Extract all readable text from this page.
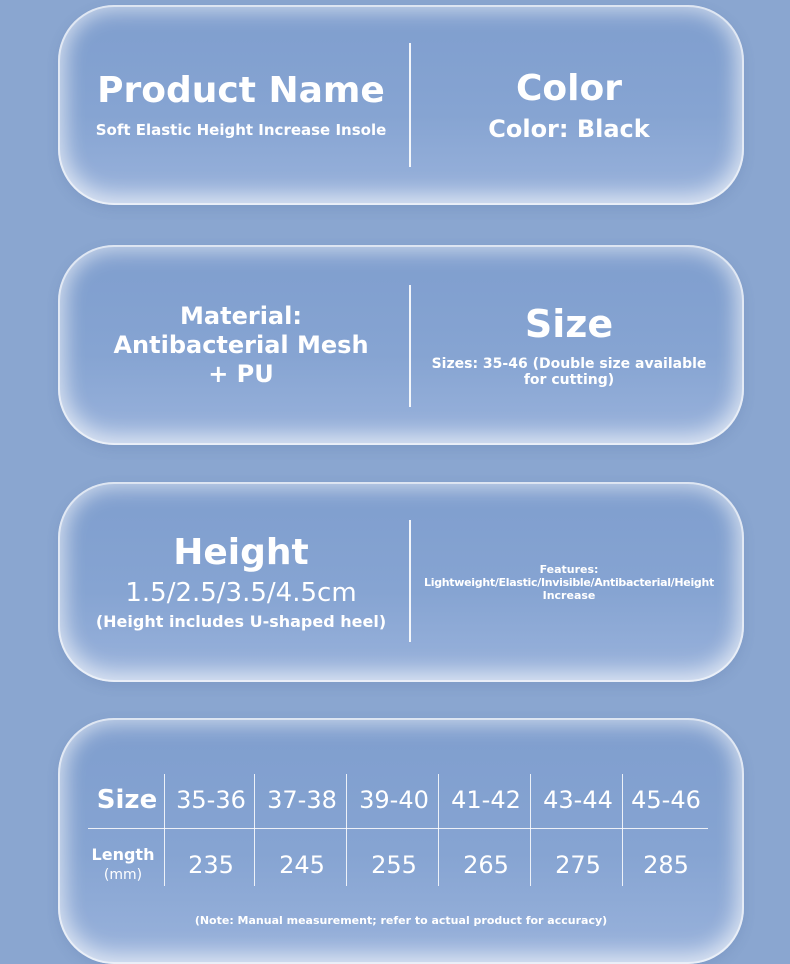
Product Name
Soft Elastic Height Increase Insole
Color
Color: Black
Material:
Antibacterial Mesh
+ PU
Size
Sizes: 35-46 (Double size available
for cutting)
Height
1.5/2.5/3.5/4.5cm
(Height includes U-shaped heel)
Features:
Lightweight/Elastic/Invisible/Antibacterial/Height
Increase
Size 35-36 37-38 39-40 41-42 43-44 45-46
Length
(mm)	235	245	255	265	275	285
(Note: Manual measurement; refer to actual product for accuracy)
